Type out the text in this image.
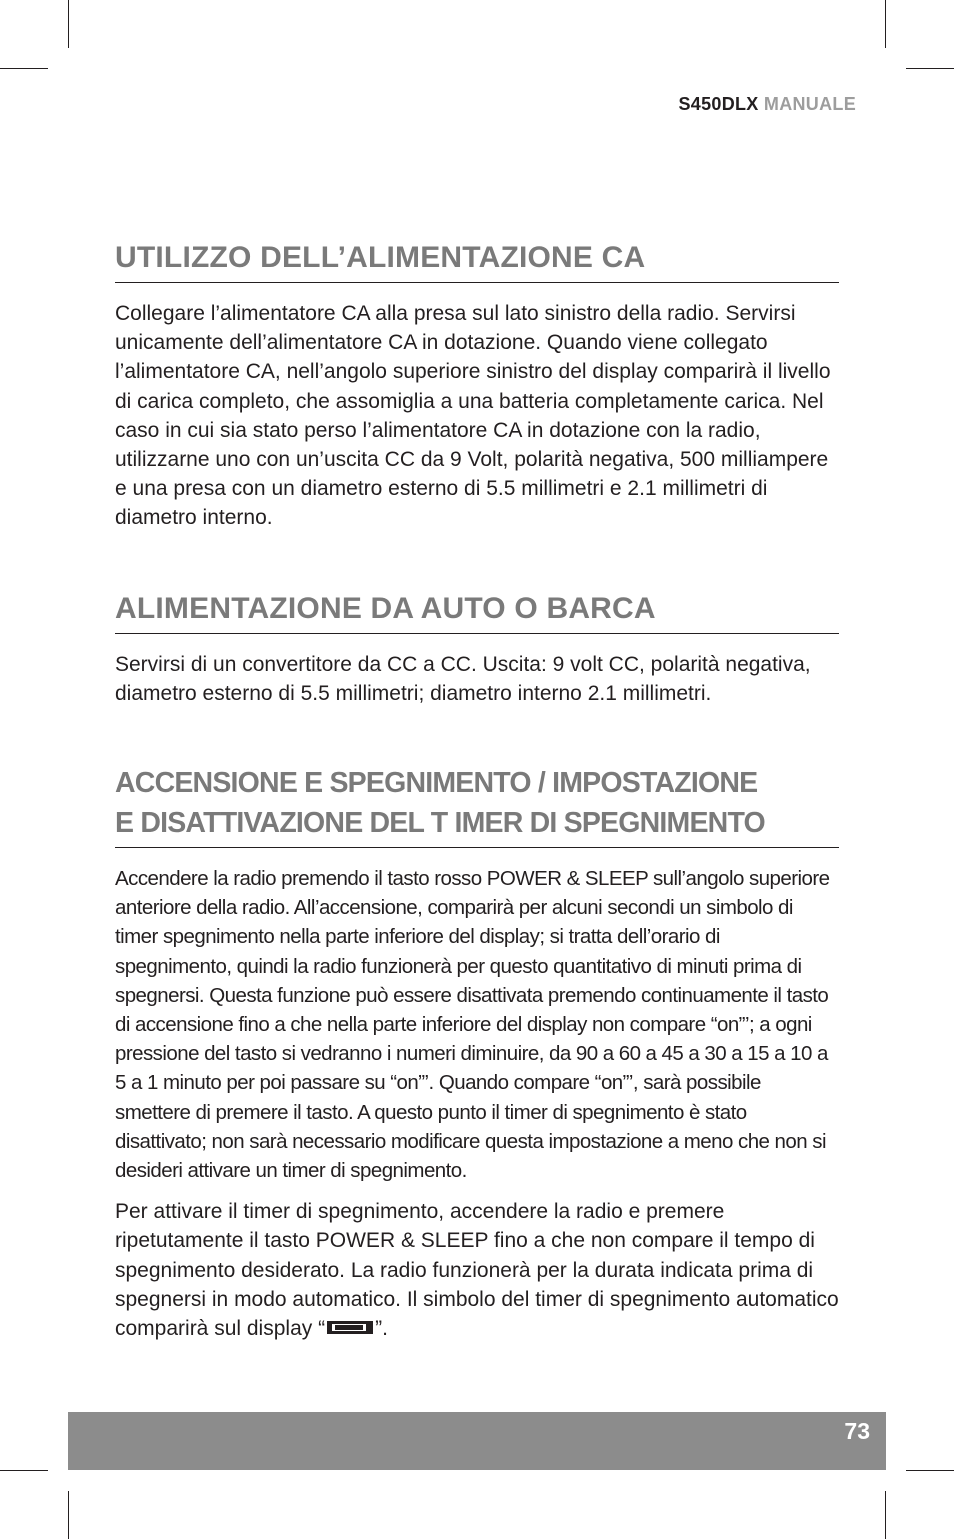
S450DLX MANUALE
UTILIZZO DELL’ALIMENTAZIONE CA

Collegare l’alimentatore CA alla presa sul lato sinistro della radio. Servirsi unicamente dell’alimentatore CA in dotazione. Quando viene collegato l’alimentatore CA, nell’angolo superiore sinistro del display comparirà il livello di carica completo, che assomiglia a una batteria completamente carica. Nel caso in cui sia stato perso l’alimentatore CA in dotazione con la radio, utilizzarne uno con un’uscita CC da 9 Volt, polarità negativa, 500 milliampere e una presa con un diametro esterno di 5.5 millimetri e 2.1 millimetri di diametro interno.

ALIMENTAZIONE DA AUTO O BARCA

Servirsi di un convertitore da CC a CC. Uscita: 9 volt CC, polarità negativa, diametro esterno di 5.5 millimetri; diametro interno 2.1 millimetri.

ACCENSIONE E SPEGNIMENTO / IMPOSTAZIONE
E DISATTIVAZIONE DEL T IMER DI SPEGNIMENTO

Accendere la radio premendo il tasto rosso POWER & SLEEP sull’angolo superiore anteriore della radio. All’accensione, comparirà per alcuni secondi un simbolo di timer spegnimento nella parte inferiore del display; si tratta dell’orario di spegnimento, quindi la radio funzionerà per questo quantitativo di minuti prima di spegnersi. Questa funzione può essere disattivata premendo continuamente il tasto di accensione fino a che nella parte inferiore del display non compare “on”’; a ogni pressione del tasto si vedranno i numeri diminuire, da 90 a 60 a 45 a 30 a 15 a 10 a 5 a 1 minuto per poi passare su “on”’. Quando compare “on”’, sarà possibile smettere di premere il tasto. A questo punto il timer di spegnimento è stato disattivato; non sarà necessario modificare questa impostazione a meno che non si desideri attivare un timer di spegnimento.

Per attivare il timer di spegnimento, accendere la radio e premere ripetutamente il tasto POWER & SLEEP fino a che non compare il tempo di spegnimento desiderato. La radio funzionerà per la durata indicata prima di spegnersi in modo automatico. Il simbolo del timer di spegnimento automatico comparirà sul display “ ”.

73
